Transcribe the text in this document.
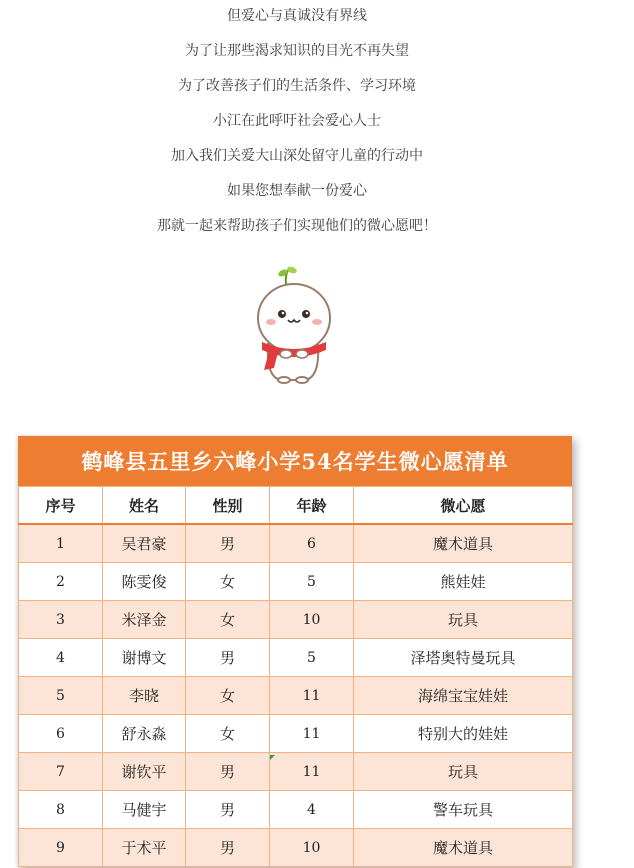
但爱心与真诚没有界线
为了让那些渴求知识的目光不再失望
为了改善孩子们的生活条件、学习环境
小江在此呼吁社会爱心人士
加入我们关爱大山深处留守儿童的行动中
如果您想奉献一份爱心
那就一起来帮助孩子们实现他们的微心愿吧！
鹤峰县五里乡六峰小学54名学生微心愿清单
序号	姓名	性别	年龄	微心愿
1	吴君豪	男	6	魔术道具
2	陈雯俊	女	5	熊娃娃
3	米泽金	女	10	玩具
4	谢博文	男	5	泽塔奥特曼玩具
5	李晓	女	11	海绵宝宝娃娃
6	舒永淼	女	11	特别大的娃娃
7	谢钦平	男	11	玩具
8	马健宇	男	4	警车玩具
9	于术平	男	10	魔术道具
